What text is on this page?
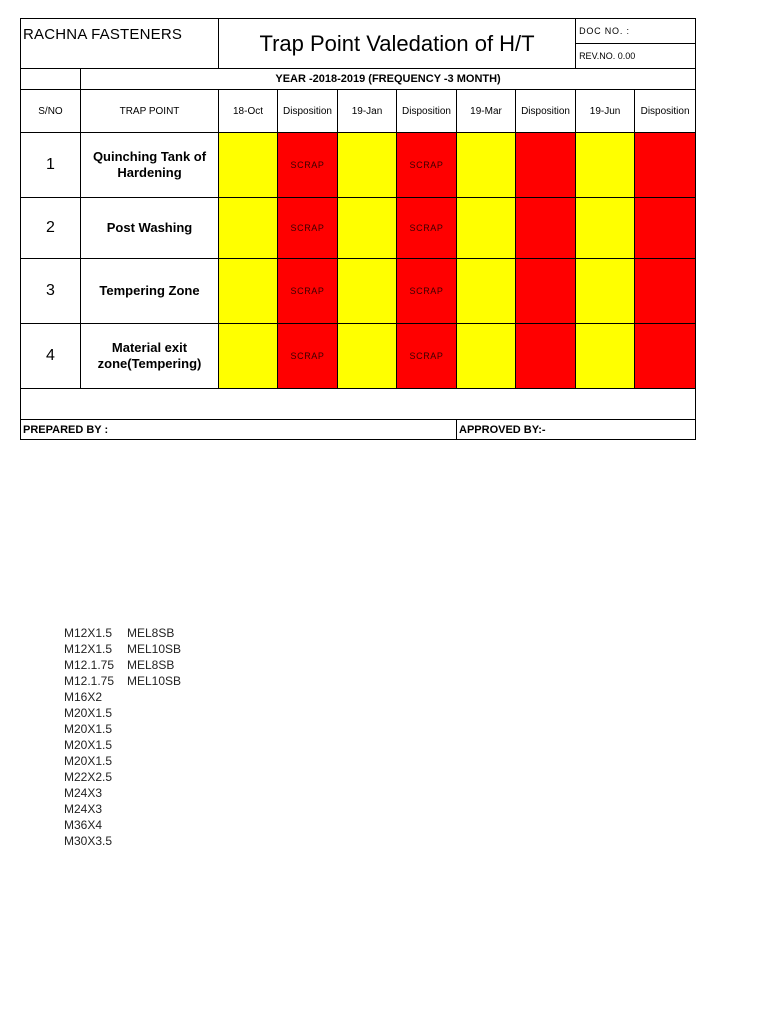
RACHNA FASTENERS		Trap Point Valedation of H/T						DOC NO. :	
								REV.NO. 0.00	
	YEAR -2018-2019 (FREQUENCY -3 MONTH)								
S/NO	TRAP POINT	18-Oct	Disposition	19-Jan	Disposition	19-Mar	Disposition	19-Jun	Disposition
1	Quinching Tank of Hardening		SCRAP		SCRAP				
2	Post Washing		SCRAP		SCRAP				
3	Tempering Zone		SCRAP		SCRAP				
4	Material exit zone(Tempering)		SCRAP		SCRAP				

PREPARED BY :						APPROVED BY:-			
M12X1.5	MEL8SB
M12X1.5	MEL10SB
M12.1.75	MEL8SB
M12.1.75	MEL10SB
M16X2
M20X1.5
M20X1.5
M20X1.5
M20X1.5
M22X2.5
M24X3
M24X3
M36X4
M30X3.5
